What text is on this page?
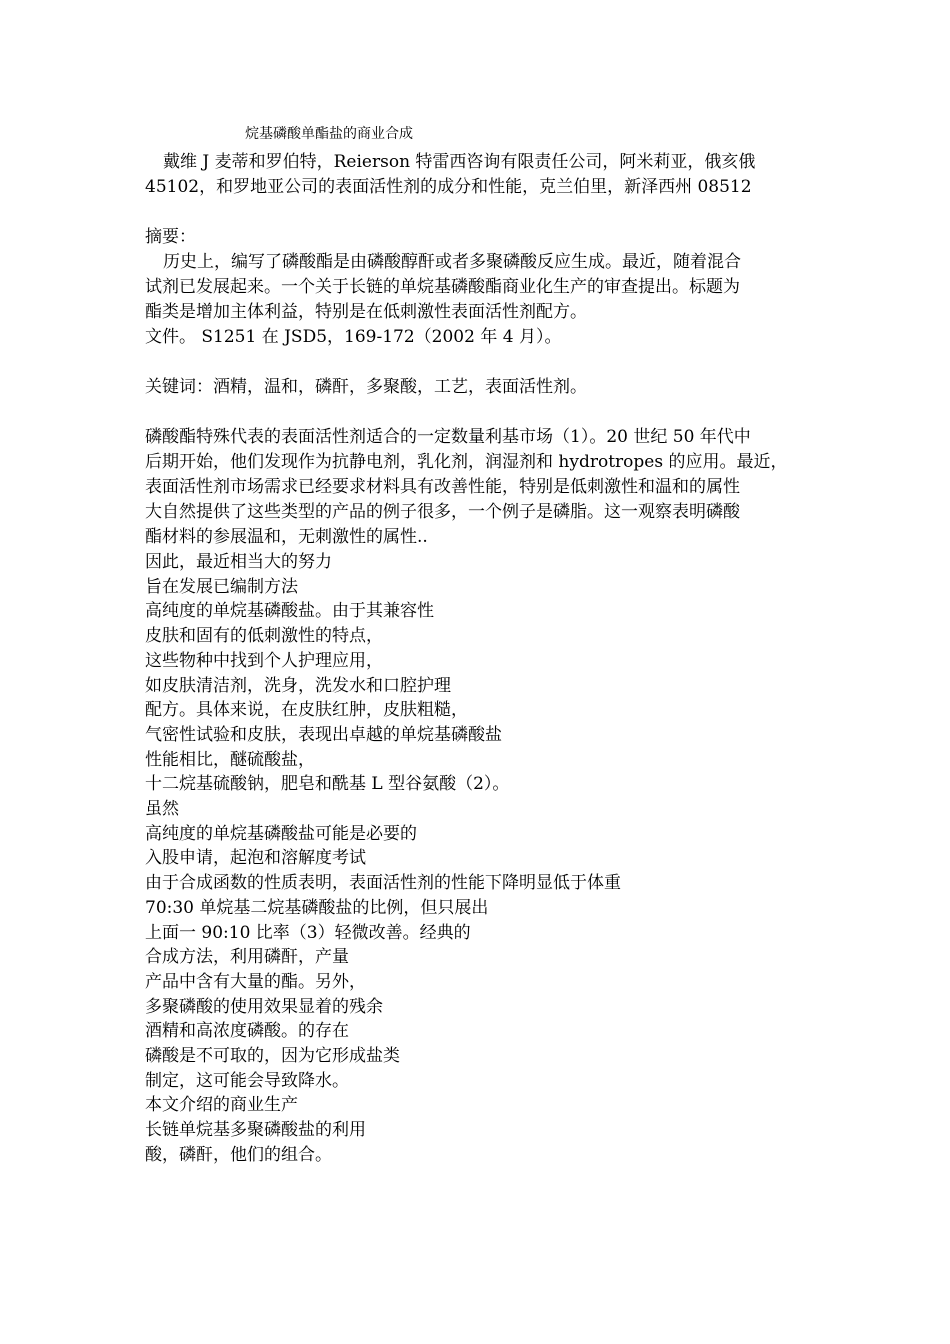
烷基磷酸单酯盐的商业合成

戴维 J 麦蒂和罗伯特，Reierson 特雷西咨询有限责任公司，阿米莉亚，俄亥俄

45102，和罗地亚公司的表面活性剂的成分和性能，克兰伯里，新泽西州 08512

摘要：

历史上，编写了磷酸酯是由磷酸醇酐或者多聚磷酸反应生成。最近，随着混合

试剂已发展起来。一个关于长链的单烷基磷酸酯商业化生产的审查提出。标题为

酯类是增加主体利益，特别是在低刺激性表面活性剂配方。

文件。 S1251 在 JSD5，169-172（2002 年 4 月）。

关键词：酒精，温和，磷酐，多聚酸，工艺，表面活性剂。

磷酸酯特殊代表的表面活性剂适合的一定数量利基市场（1）。20 世纪 50 年代中

后期开始，他们发现作为抗静电剂，乳化剂，润湿剂和 hydrotropes 的应用。最近，

表面活性剂市场需求已经要求材料具有改善性能，特别是低刺激性和温和的属性

大自然提供了这些类型的产品的例子很多，一个例子是磷脂。这一观察表明磷酸

酯材料的参展温和，无刺激性的属性..

因此，最近相当大的努力

旨在发展已编制方法

高纯度的单烷基磷酸盐。由于其兼容性

皮肤和固有的低刺激性的特点，

这些物种中找到个人护理应用，

如皮肤清洁剂，洗身，洗发水和口腔护理

配方。具体来说，在皮肤红肿，皮肤粗糙，

气密性试验和皮肤，表现出卓越的单烷基磷酸盐

性能相比，醚硫酸盐，

十二烷基硫酸钠，肥皂和酰基 L 型谷氨酸（2）。

虽然

高纯度的单烷基磷酸盐可能是必要的

入股申请，起泡和溶解度考试

由于合成函数的性质表明，表面活性剂的性能下降明显低于体重

70:30 单烷基二烷基磷酸盐的比例，但只展出

上面一 90:10 比率（3）轻微改善。经典的

合成方法，利用磷酐，产量

产品中含有大量的酯。另外，

多聚磷酸的使用效果显着的残余

酒精和高浓度磷酸。的存在

磷酸是不可取的，因为它形成盐类

制定，这可能会导致降水。

本文介绍的商业生产

长链单烷基多聚磷酸盐的利用

酸，磷酐，他们的组合。
